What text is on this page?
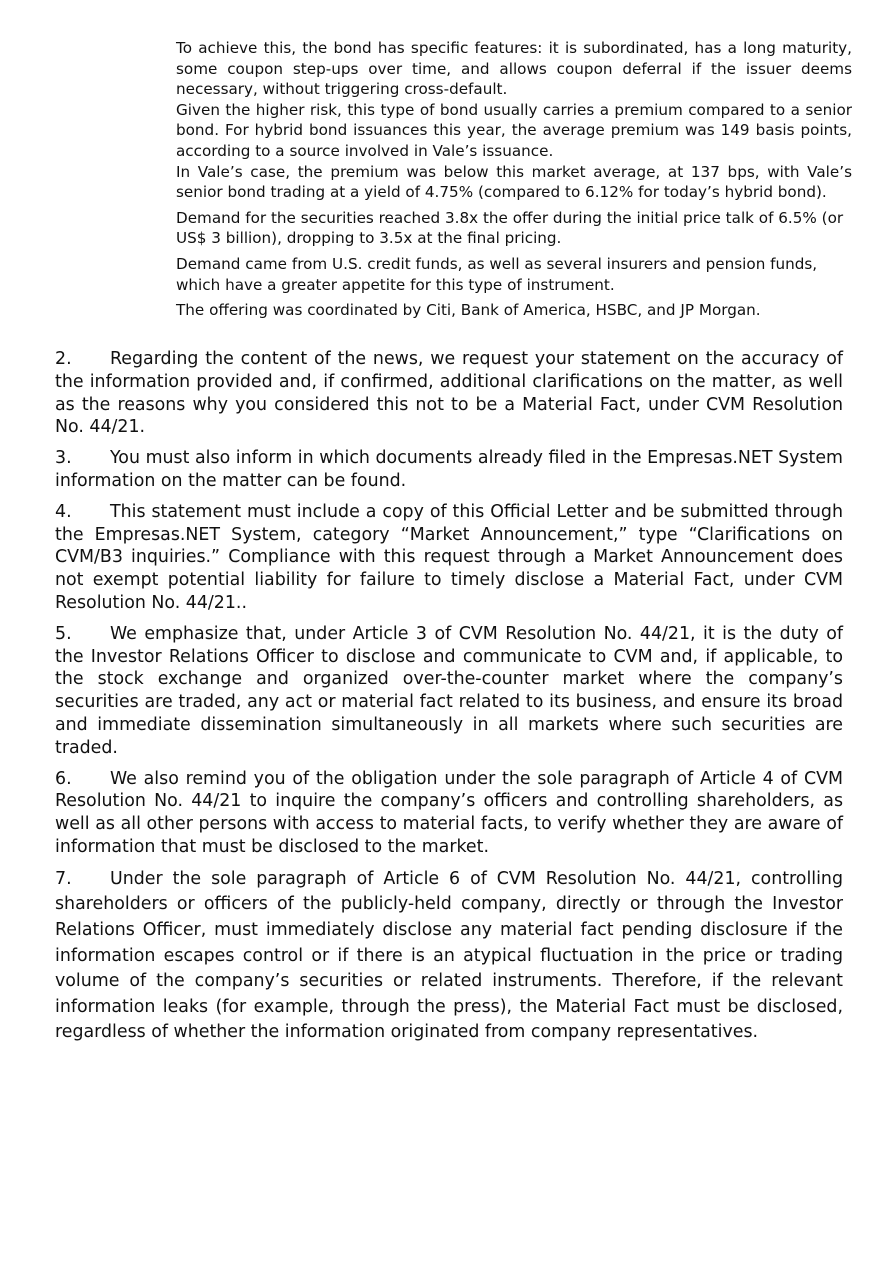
To achieve this, the bond has specific features: it is subordinated, has a long maturity, some coupon step-ups over time, and allows coupon deferral if the issuer deems necessary, without triggering cross-default.

Given the higher risk, this type of bond usually carries a premium compared to a senior bond. For hybrid bond issuances this year, the average premium was 149 basis points, according to a source involved in Vale’s issuance.

In Vale’s case, the premium was below this market average, at 137 bps, with Vale’s senior bond trading at a yield of 4.75% (compared to 6.12% for today’s hybrid bond).

Demand for the securities reached 3.8x the offer during the initial price talk of 6.5% (or US$ 3 billion), dropping to 3.5x at the final pricing.

Demand came from U.S. credit funds, as well as several insurers and pension funds, which have a greater appetite for this type of instrument.

The offering was coordinated by Citi, Bank of America, HSBC, and JP Morgan.

2. Regarding the content of the news, we request your statement on the accuracy of the information provided and, if confirmed, additional clarifications on the matter, as well as the reasons why you considered this not to be a Material Fact, under CVM Resolution No. 44/21.

3. You must also inform in which documents already filed in the Empresas.NET System information on the matter can be found.

4. This statement must include a copy of this Official Letter and be submitted through the Empresas.NET System, category “Market Announcement,” type “Clarifications on CVM/B3 inquiries.” Compliance with this request through a Market Announcement does not exempt potential liability for failure to timely disclose a Material Fact, under CVM Resolution No. 44/21..

5. We emphasize that, under Article 3 of CVM Resolution No. 44/21, it is the duty of the Investor Relations Officer to disclose and communicate to CVM and, if applicable, to the stock exchange and organized over-the-counter market where the company’s securities are traded, any act or material fact related to its business, and ensure its broad and immediate dissemination simultaneously in all markets where such securities are traded.

6. We also remind you of the obligation under the sole paragraph of Article 4 of CVM Resolution No. 44/21 to inquire the company’s officers and controlling shareholders, as well as all other persons with access to material facts, to verify whether they are aware of information that must be disclosed to the market.

7. Under the sole paragraph of Article 6 of CVM Resolution No. 44/21, controlling shareholders or officers of the publicly-held company, directly or through the Investor Relations Officer, must immediately disclose any material fact pending disclosure if the information escapes control or if there is an atypical fluctuation in the price or trading volume of the company’s securities or related instruments. Therefore, if the relevant information leaks (for example, through the press), the Material Fact must be disclosed, regardless of whether the information originated from company representatives.
